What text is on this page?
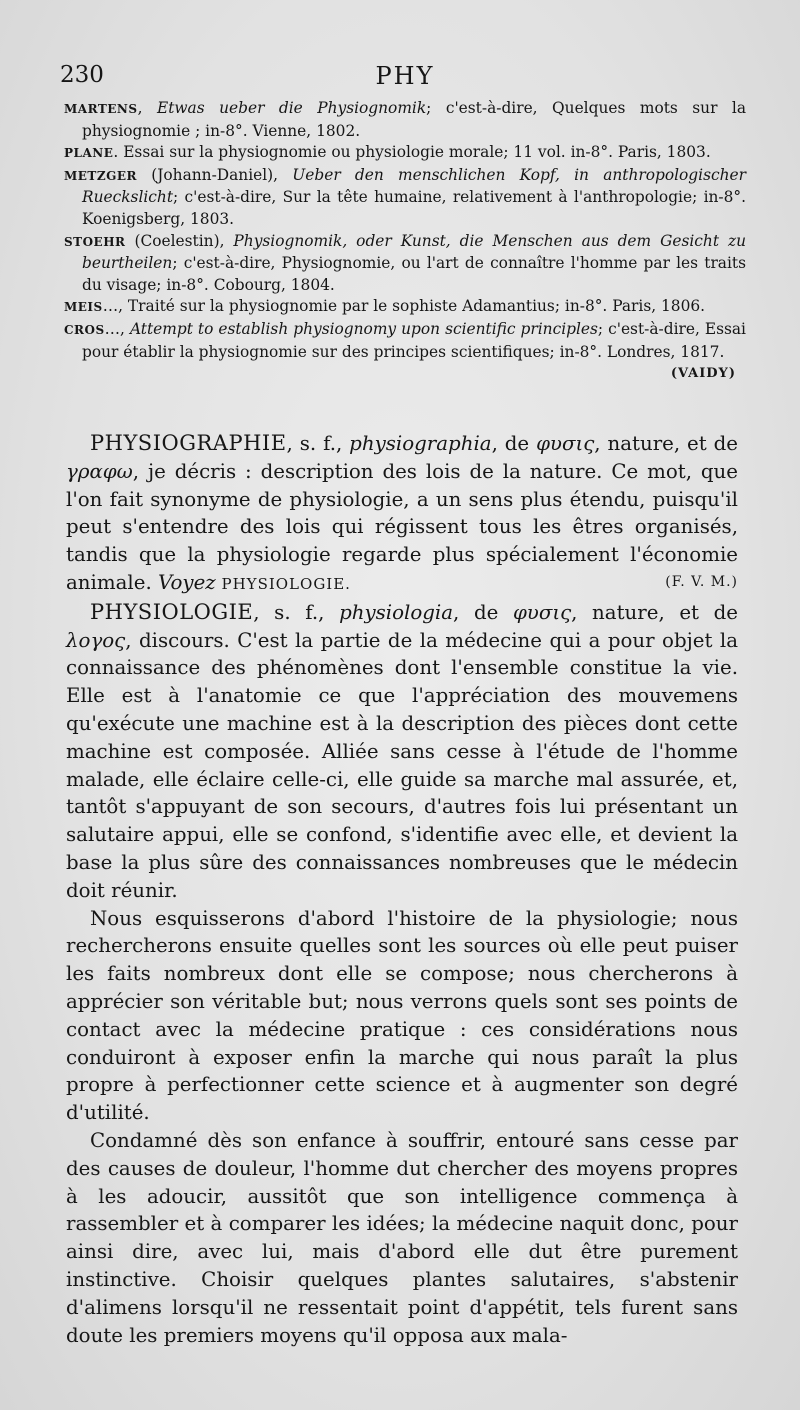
230	PHY

MARTENS, Etwas ueber die Physiognomik; c'est-à-dire, Quelques mots sur la physiognomie ; in-8°. Vienne, 1802.

PLANE. Essai sur la physiognomie ou physiologie morale; 11 vol. in-8°. Paris, 1803.

METZGER (Johann-Daniel), Ueber den menschlichen Kopf, in anthropologischer Rueckslicht; c'est-à-dire, Sur la tête humaine, relativement à l'anthropologie; in-8°. Koenigsberg, 1803.

STOEHR (Coelestin), Physiognomik, oder Kunst, die Menschen aus dem Gesicht zu beurtheilen; c'est-à-dire, Physiognomie, ou l'art de connaître l'homme par les traits du visage; in-8°. Cobourg, 1804.

MEIS…, Traité sur la physiognomie par le sophiste Adamantius; in-8°. Paris, 1806.

CROS…, Attempt to establish physiognomy upon scientific principles; c'est-à-dire, Essai pour établir la physiognomie sur des principes scientifiques; in-8°. Londres, 1817.
(VAIDY)

PHYSIOGRAPHIE, s. f., physiographia, de φυσις, nature, et de γραφω, je décris : description des lois de la nature. Ce mot, que l'on fait synonyme de physiologie, a un sens plus étendu, puisqu'il peut s'entendre des lois qui régissent tous les êtres organisés, tandis que la physiologie regarde plus spécialement l'économie animale. Voyez PHYSIOLOGIE.	(F. V. M.)

PHYSIOLOGIE, s. f., physiologia, de φυσις, nature, et de λογος, discours. C'est la partie de la médecine qui a pour objet la connaissance des phénomènes dont l'ensemble constitue la vie. Elle est à l'anatomie ce que l'appréciation des mouvemens qu'exécute une machine est à la description des pièces dont cette machine est composée. Alliée sans cesse à l'étude de l'homme malade, elle éclaire celle-ci, elle guide sa marche mal assurée, et, tantôt s'appuyant de son secours, d'autres fois lui présentant un salutaire appui, elle se confond, s'identifie avec elle, et devient la base la plus sûre des connaissances nombreuses que le médecin doit réunir.

Nous esquisserons d'abord l'histoire de la physiologie; nous rechercherons ensuite quelles sont les sources où elle peut puiser les faits nombreux dont elle se compose; nous chercherons à apprécier son véritable but; nous verrons quels sont ses points de contact avec la médecine pratique : ces considérations nous conduiront à exposer enfin la marche qui nous paraît la plus propre à perfectionner cette science et à augmenter son degré d'utilité.

Condamné dès son enfance à souffrir, entouré sans cesse par des causes de douleur, l'homme dut chercher des moyens propres à les adoucir, aussitôt que son intelligence commença à rassembler et à comparer les idées; la médecine naquit donc, pour ainsi dire, avec lui, mais d'abord elle dut être purement instinctive. Choisir quelques plantes salutaires, s'abstenir d'alimens lorsqu'il ne ressentait point d'appétit, tels furent sans doute les premiers moyens qu'il opposa aux mala-
